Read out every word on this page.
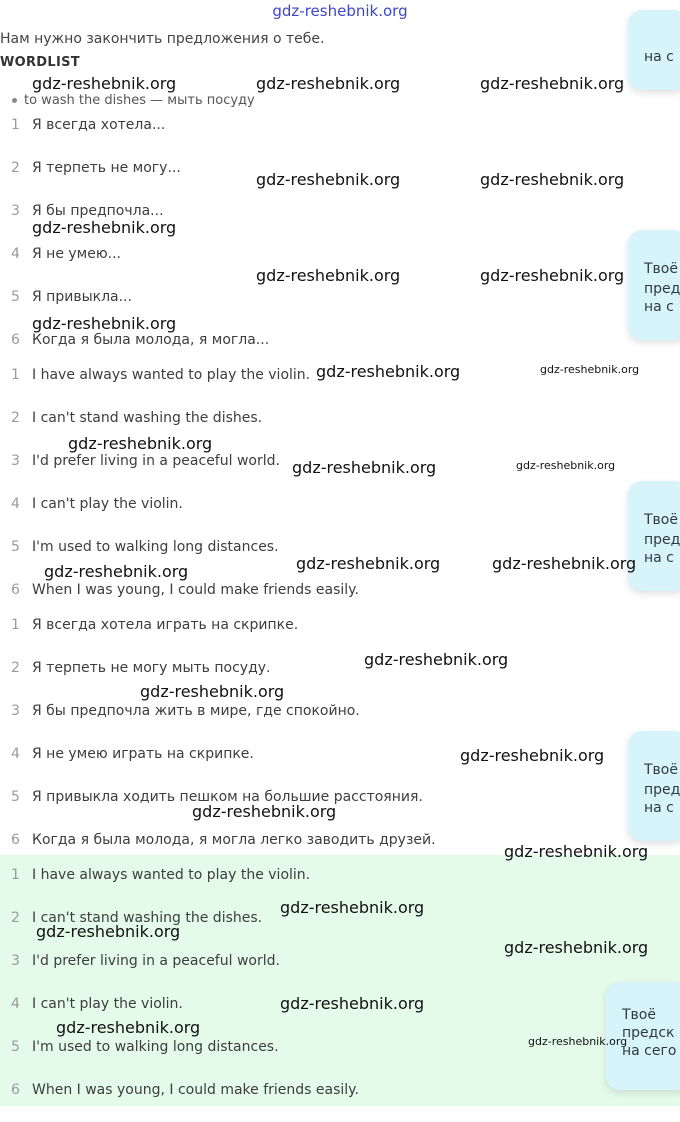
gdz-reshebnik.org
Нам нужно закончить предложения о тебе.
WORDLIST
to wash the dishes — мыть посуду
1 Я всегда хотела...
2 Я терпеть не могу...
3 Я бы предпочла...
4 Я не умею...
5 Я привыкла...
6 Когда я была молода, я могла...
1 I have always wanted to play the violin.
2 I can't stand washing the dishes.
3 I'd prefer living in a peaceful world.
4 I can't play the violin.
5 I'm used to walking long distances.
6 When I was young, I could make friends easily.
1 Я всегда хотела играть на скрипке.
2 Я терпеть не могу мыть посуду.
3 Я бы предпочла жить в мире, где спокойно.
4 Я не умею играть на скрипке.
5 Я привыкла ходить пешком на большие расстояния.
6 Когда я была молода, я могла легко заводить друзей.
1 I have always wanted to play the violin.
2 I can't stand washing the dishes.
3 I'd prefer living in a peaceful world.
4 I can't play the violin.
5 I'm used to walking long distances.
6 When I was young, I could make friends easily.
на с
Твоё
пред
на с
Твоё
пред
на с
Твоё
пред
на с
Твоё
предск
на сего
gdz-reshebnik.org	gdz-reshebnik.org	gdz-reshebnik.org
gdz-reshebnik.org	gdz-reshebnik.org
gdz-reshebnik.org
gdz-reshebnik.org	gdz-reshebnik.org
gdz-reshebnik.org
gdz-reshebnik.org	gdz-reshebnik.org
gdz-reshebnik.org
gdz-reshebnik.org	gdz-reshebnik.org
gdz-reshebnik.org	gdz-reshebnik.org
gdz-reshebnik.org
gdz-reshebnik.org
gdz-reshebnik.org
gdz-reshebnik.org
gdz-reshebnik.org
gdz-reshebnik.org
gdz-reshebnik.org
gdz-reshebnik.org
gdz-reshebnik.org
gdz-reshebnik.org
gdz-reshebnik.org
gdz-reshebnik.org
